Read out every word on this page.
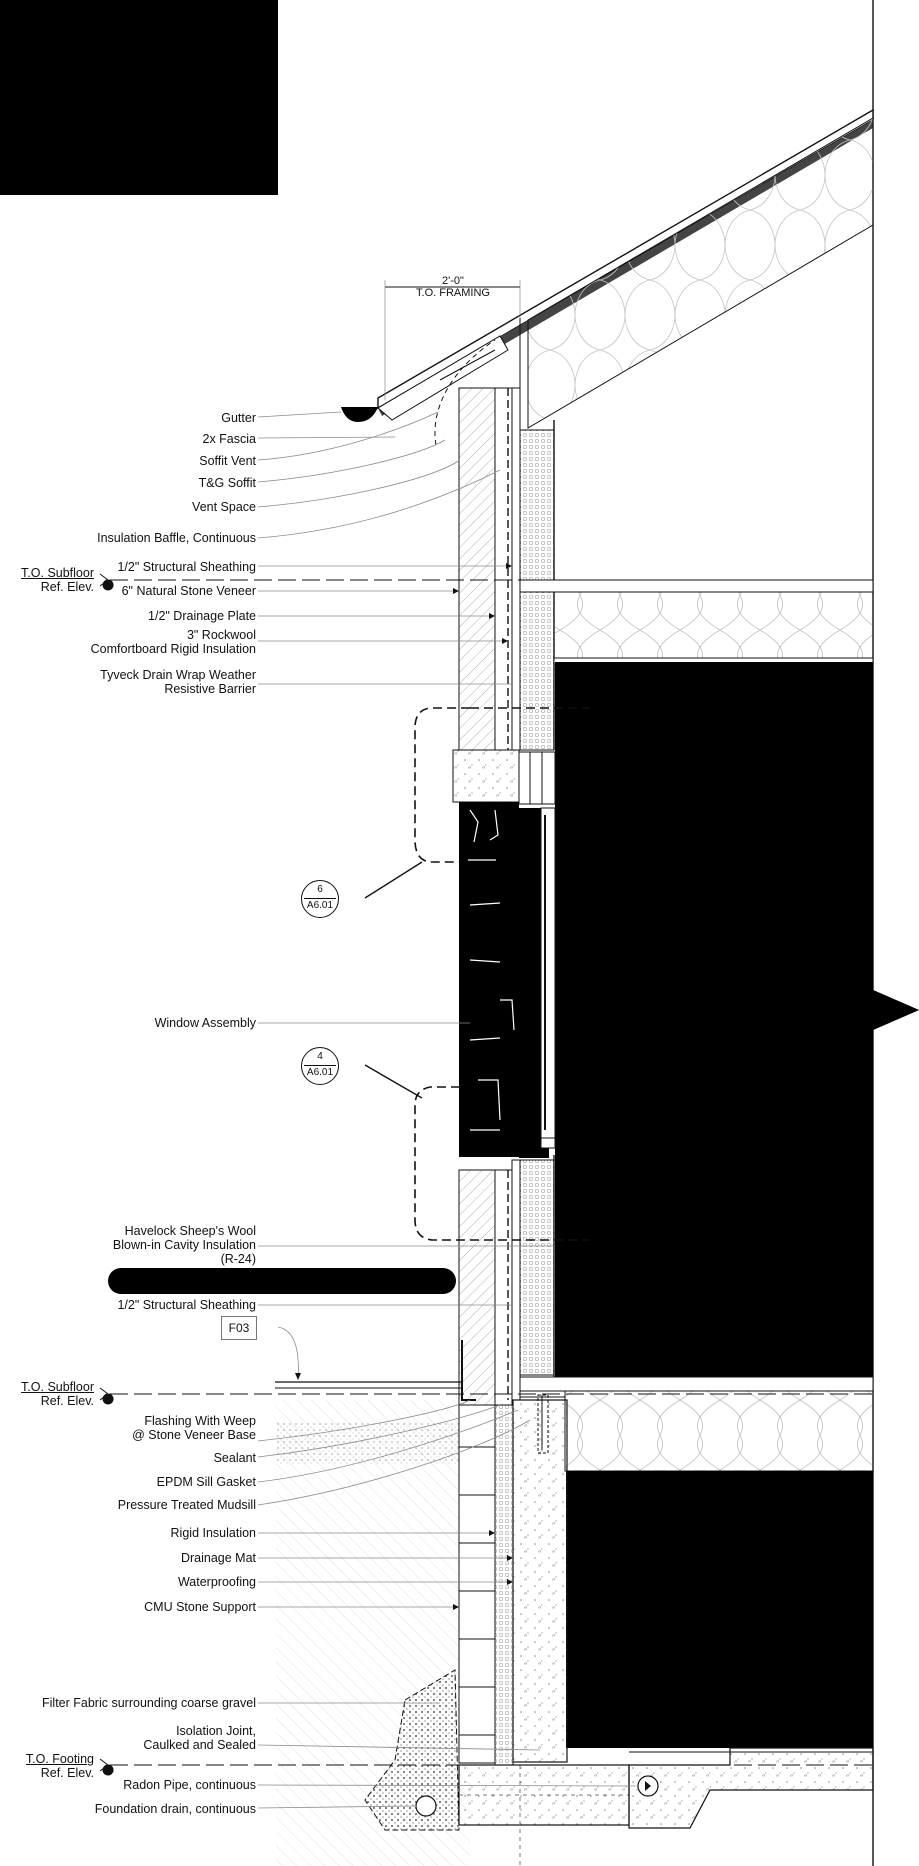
2'-0"
T.O. FRAMING
T.O. Subfloor
Ref. Elev.
T.O. Subfloor
Ref. Elev.
T.O. Footing
Ref. Elev.
6
A6.01
4
A6.01
F03
Gutter
2x Fascia
Soffit Vent
T&G Soffit
Vent Space
Insulation Baffle, Continuous
1/2" Structural Sheathing
6" Natural Stone Veneer
1/2" Drainage Plate
3" Rockwool
Comfortboard Rigid Insulation
Tyveck Drain Wrap Weather
Resistive Barrier
Window Assembly
Havelock Sheep's Wool
Blown-in Cavity Insulation
(R-24)
1/2" Structural Sheathing
Flashing With Weep
@ Stone Veneer Base
Sealant
EPDM Sill Gasket
Pressure Treated Mudsill
Rigid Insulation
Drainage Mat
Waterproofing
CMU Stone Support
Filter Fabric surrounding coarse gravel
Isolation Joint,
Caulked and Sealed
Radon Pipe, continuous
Foundation drain, continuous
